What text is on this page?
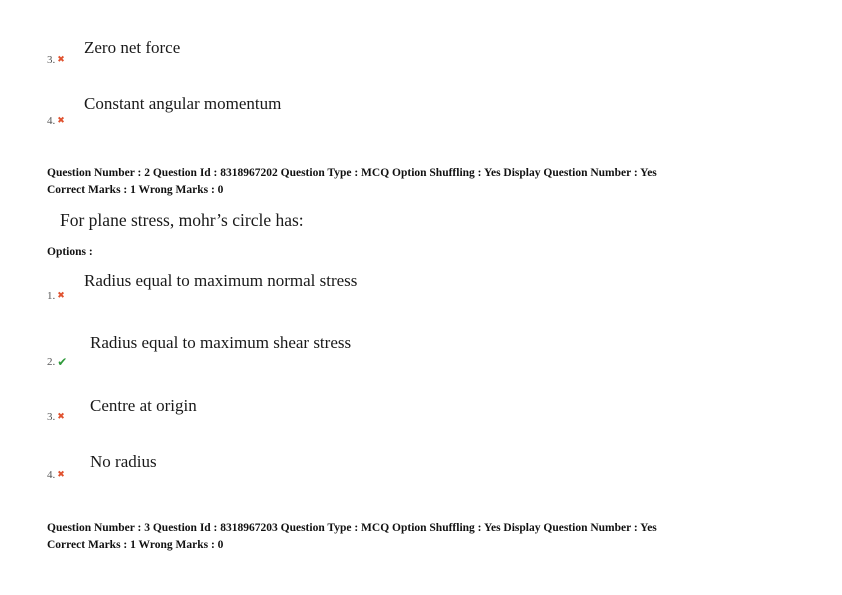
Zero net force
3. ✖
Constant angular momentum
4. ✖
Question Number : 2 Question Id : 8318967202 Question Type : MCQ Option Shuffling : Yes Display Question Number : Yes
Correct Marks : 1 Wrong Marks : 0
For plane stress, mohr’s circle has:
Options :
Radius equal to maximum normal stress
1. ✖
Radius equal to maximum shear stress
2. ✔
Centre at origin
3. ✖
No radius
4. ✖
Question Number : 3 Question Id : 8318967203 Question Type : MCQ Option Shuffling : Yes Display Question Number : Yes
Correct Marks : 1 Wrong Marks : 0
